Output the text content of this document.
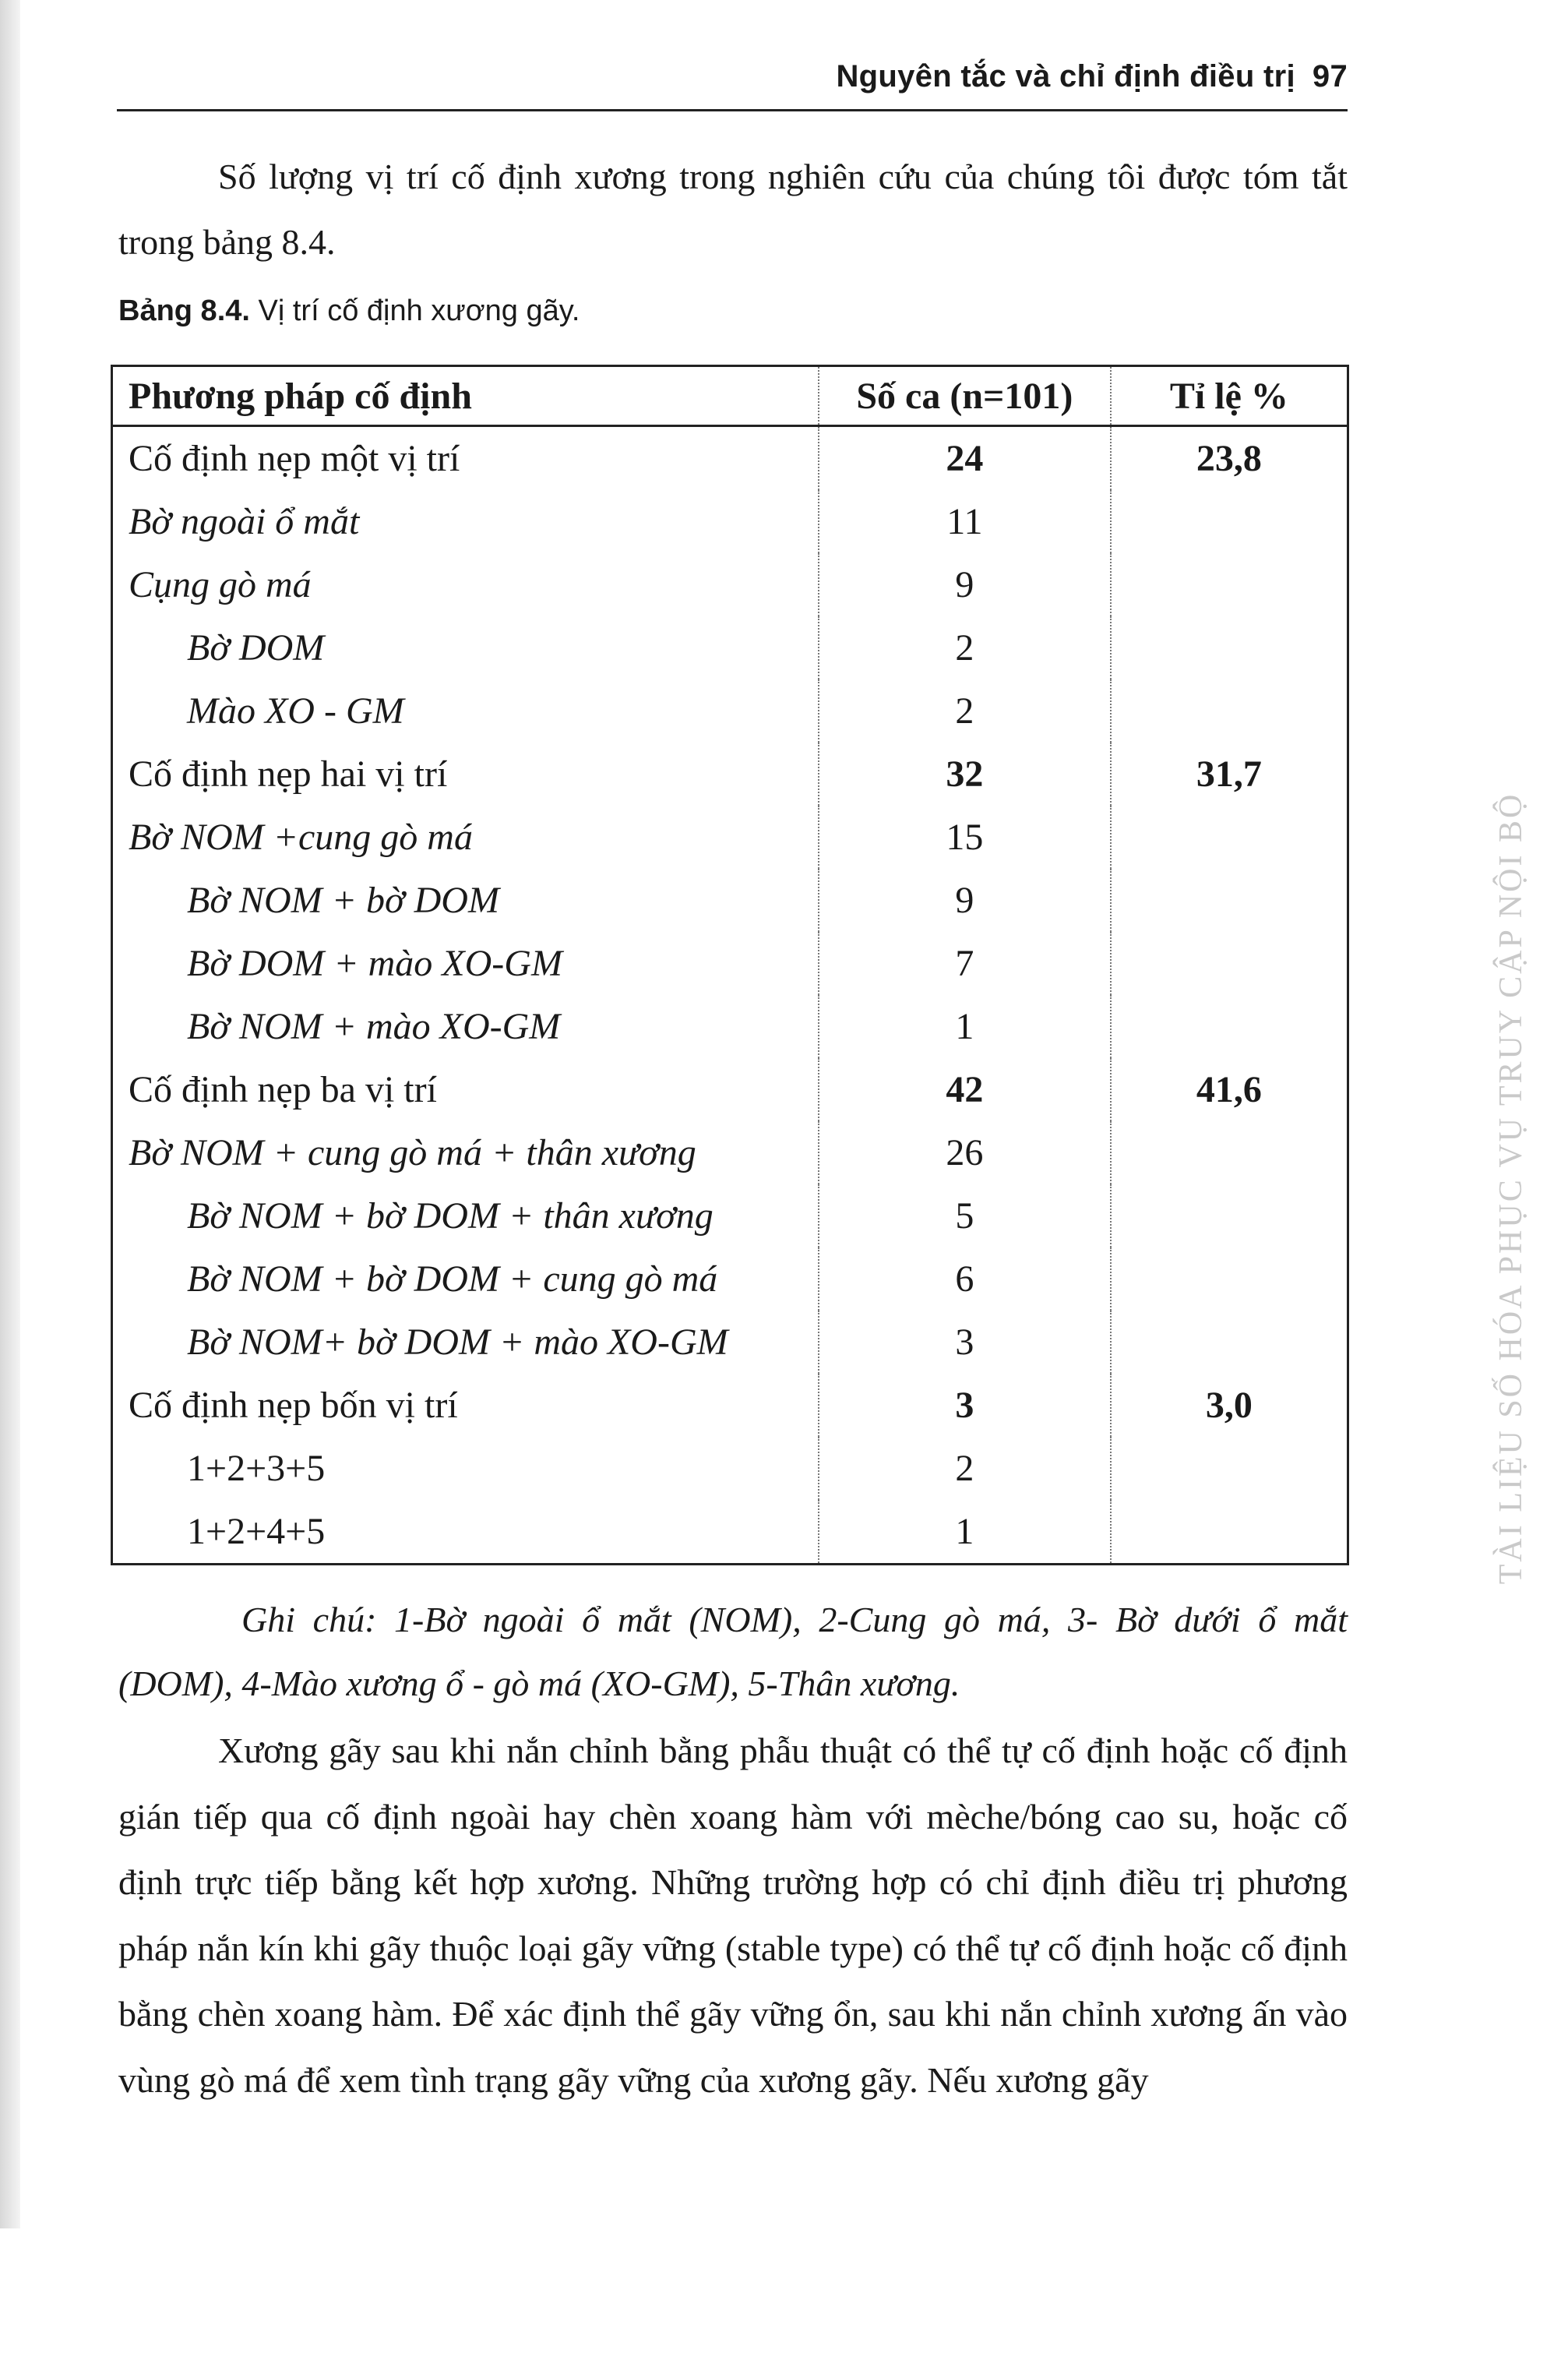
Nguyên tắc và chỉ định điều trị 97

Số lượng vị trí cố định xương trong nghiên cứu của chúng tôi được tóm tắt trong bảng 8.4.

Bảng 8.4. Vị trí cố định xương gãy.
Phương pháp cố định	Số ca (n=101)	Tỉ lệ %
Cố định nẹp một vị trí	24	23,8
Bờ ngoài ổ mắt	11	
Cụng gò má	9	
Bờ DOM	2	
Mào XO - GM	2	
Cố định nẹp hai vị trí	32	31,7
Bờ NOM +cung gò má	15	
Bờ NOM + bờ DOM	9	
Bờ DOM + mào XO-GM	7	
Bờ NOM + mào XO-GM	1	
Cố định nẹp ba vị trí	42	41,6
Bờ NOM + cung gò má + thân xương	26	
Bờ NOM + bờ DOM + thân xương	5	
Bờ NOM + bờ DOM + cung gò má	6	
Bờ NOM+ bờ DOM + mào XO-GM	3	
Cố định nẹp bốn vị trí	3	3,0
1+2+3+5	2	
1+2+4+5	1	

Ghi chú: 1-Bờ ngoài ổ mắt (NOM), 2-Cung gò má, 3- Bờ dưới ổ mắt (DOM), 4-Mào xương ổ - gò má (XO-GM), 5-Thân xương.

Xương gãy sau khi nắn chỉnh bằng phẫu thuật có thể tự cố định hoặc cố định gián tiếp qua cố định ngoài hay chèn xoang hàm với mèche/bóng cao su, hoặc cố định trực tiếp bằng kết hợp xương. Những trường hợp có chỉ định điều trị phương pháp nắn kín khi gãy thuộc loại gãy vững (stable type) có thể tự cố định hoặc cố định bằng chèn xoang hàm. Để xác định thể gãy vững ổn, sau khi nắn chỉnh xương ấn vào vùng gò má để xem tình trạng gãy vững của xương gãy. Nếu xương gãy

TÀI LIỆU SỐ HÓA PHỤC VỤ TRUY CẬP NỘI BỘ
